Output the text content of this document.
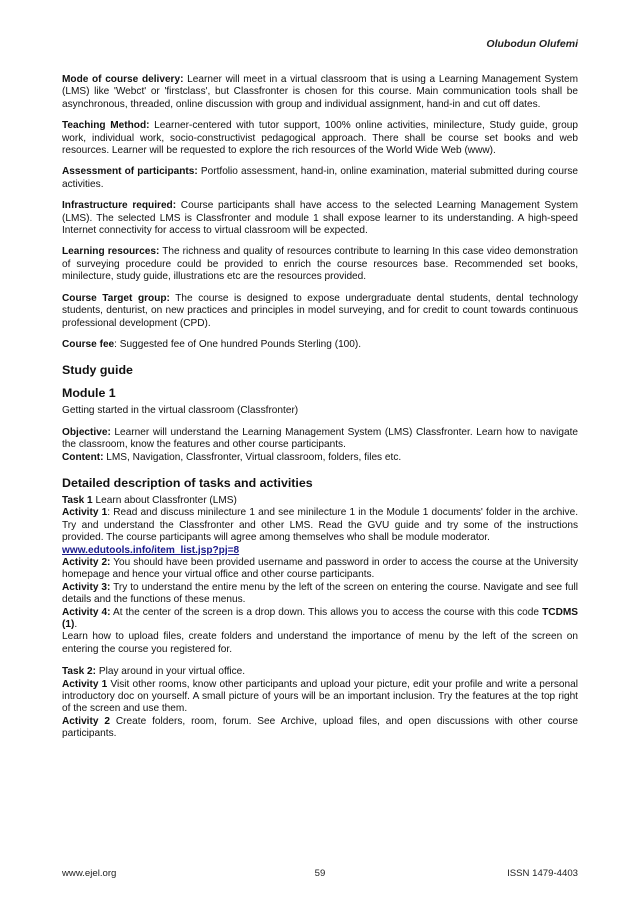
Olubodun Olufemi

Mode of course delivery: Learner will meet in a virtual classroom that is using a Learning Management System (LMS) like 'Webct' or 'firstclass', but Classfronter is chosen for this course. Main communication tools shall be asynchronous, threaded, online discussion with group and individual assignment, hand-in and cut off dates.

Teaching Method: Learner-centered with tutor support, 100% online activities, minilecture, Study guide, group work, individual work, socio-constructivist pedagogical approach. There shall be course set books and web resources. Learner will be requested to explore the rich resources of the World Wide Web (www).

Assessment of participants: Portfolio assessment, hand-in, online examination, material submitted during course activities.

Infrastructure required: Course participants shall have access to the selected Learning Management System (LMS). The selected LMS is Classfronter and module 1 shall expose learner to its understanding. A high-speed Internet connectivity for access to virtual classroom will be expected.

Learning resources: The richness and quality of resources contribute to learning In this case video demonstration of surveying procedure could be provided to enrich the course resources base. Recommended set books, minilecture, study guide, illustrations etc are the resources provided.

Course Target group: The course is designed to expose undergraduate dental students, dental technology students, denturist, on new practices and principles in model surveying, and for credit to count towards continuous professional development (CPD).

Course fee: Suggested fee of One hundred Pounds Sterling (100).

Study guide
Module 1

Getting started in the virtual classroom (Classfronter)

Objective: Learner will understand the Learning Management System (LMS) Classfronter. Learn how to navigate the classroom, know the features and other course participants.

Content: LMS, Navigation, Classfronter, Virtual classroom, folders, files etc.

Detailed description of tasks and activities

Task 1 Learn about Classfronter (LMS)

Activity 1: Read and discuss minilecture 1 and see minilecture 1 in the Module 1 documents' folder in the archive. Try and understand the Classfronter and other LMS. Read the GVU guide and try some of the instructions provided. The course participants will agree among themselves who shall be module moderator.
www.edutools.info/item_list.jsp?pj=8

Activity 2: You should have been provided username and password in order to access the course at the University homepage and hence your virtual office and other course participants.

Activity 3: Try to understand the entire menu by the left of the screen on entering the course. Navigate and see full details and the functions of these menus.

Activity 4: At the center of the screen is a drop down. This allows you to access the course with this code TCDMS (1).

Learn how to upload files, create folders and understand the importance of menu by the left of the screen on entering the course you registered for.

Task 2: Play around in your virtual office.

Activity 1 Visit other rooms, know other participants and upload your picture, edit your profile and write a personal introductory doc on yourself. A small picture of yours will be an important inclusion. Try the features at the top right of the screen and use them.

Activity 2 Create folders, room, forum. See Archive, upload files, and open discussions with other course participants.

www.ejel.org	59	ISSN 1479-4403
